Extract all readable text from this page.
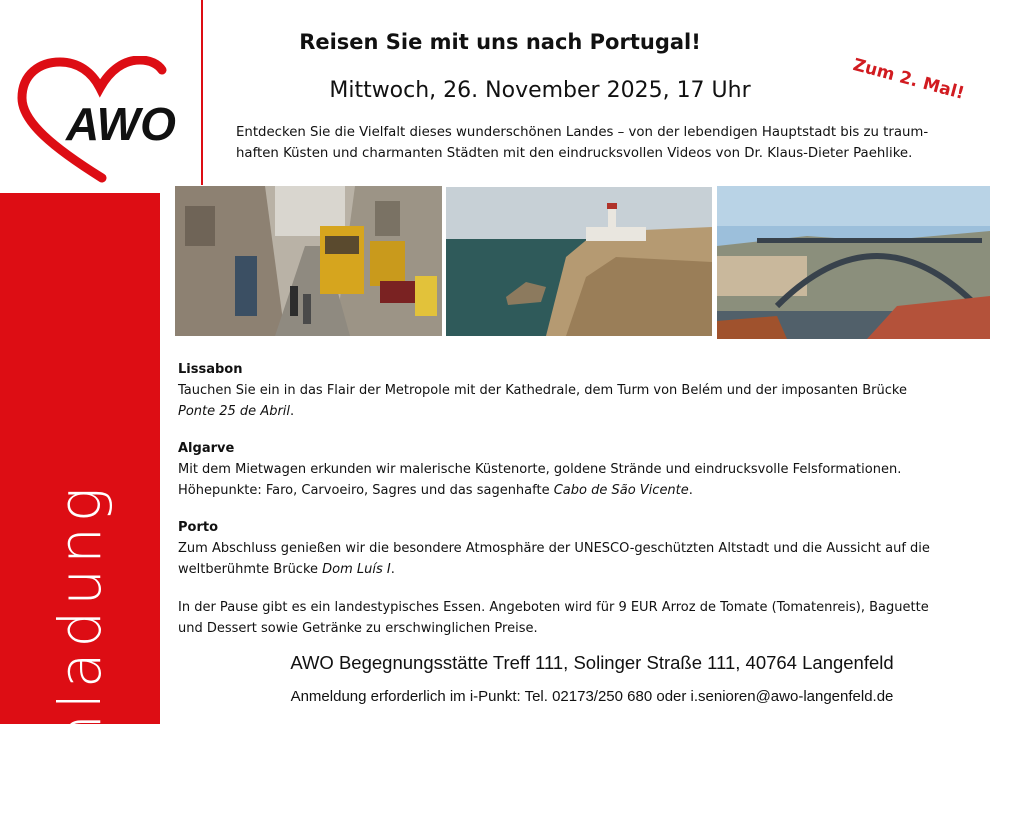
Einladung
AWO
Reisen Sie mit uns nach Portugal!
Mittwoch, 26. November 2025, 17 Uhr	Zum 2. Mal!
Entdecken Sie die Vielfalt dieses wunderschönen Landes – von der lebendigen Hauptstadt bis zu traum-
haften Küsten und charmanten Städten mit den eindrucksvollen Videos von Dr. Klaus-Dieter Paehlike.
Lissabon
Tauchen Sie ein in das Flair der Metropole mit der Kathedrale, dem Turm von Belém und der imposanten Brücke
Ponte 25 de Abril.
Algarve
Mit dem Mietwagen erkunden wir malerische Küstenorte, goldene Strände und eindrucksvolle Felsformationen.
Höhepunkte: Faro, Carvoeiro, Sagres und das sagenhafte Cabo de São Vicente.
Porto
Zum Abschluss genießen wir die besondere Atmosphäre der UNESCO-geschützten Altstadt und die Aussicht auf die
weltberühmte Brücke Dom Luís I.
In der Pause gibt es ein landestypisches Essen. Angeboten wird für 9 EUR Arroz de Tomate (Tomatenreis), Baguette
und Dessert sowie Getränke zu erschwinglichen Preise.
AWO Begegnungsstätte Treff 111, Solinger Straße 111, 40764 Langenfeld
Anmeldung erforderlich im i-Punkt: Tel. 02173/250 680 oder i.senioren@awo-langenfeld.de
